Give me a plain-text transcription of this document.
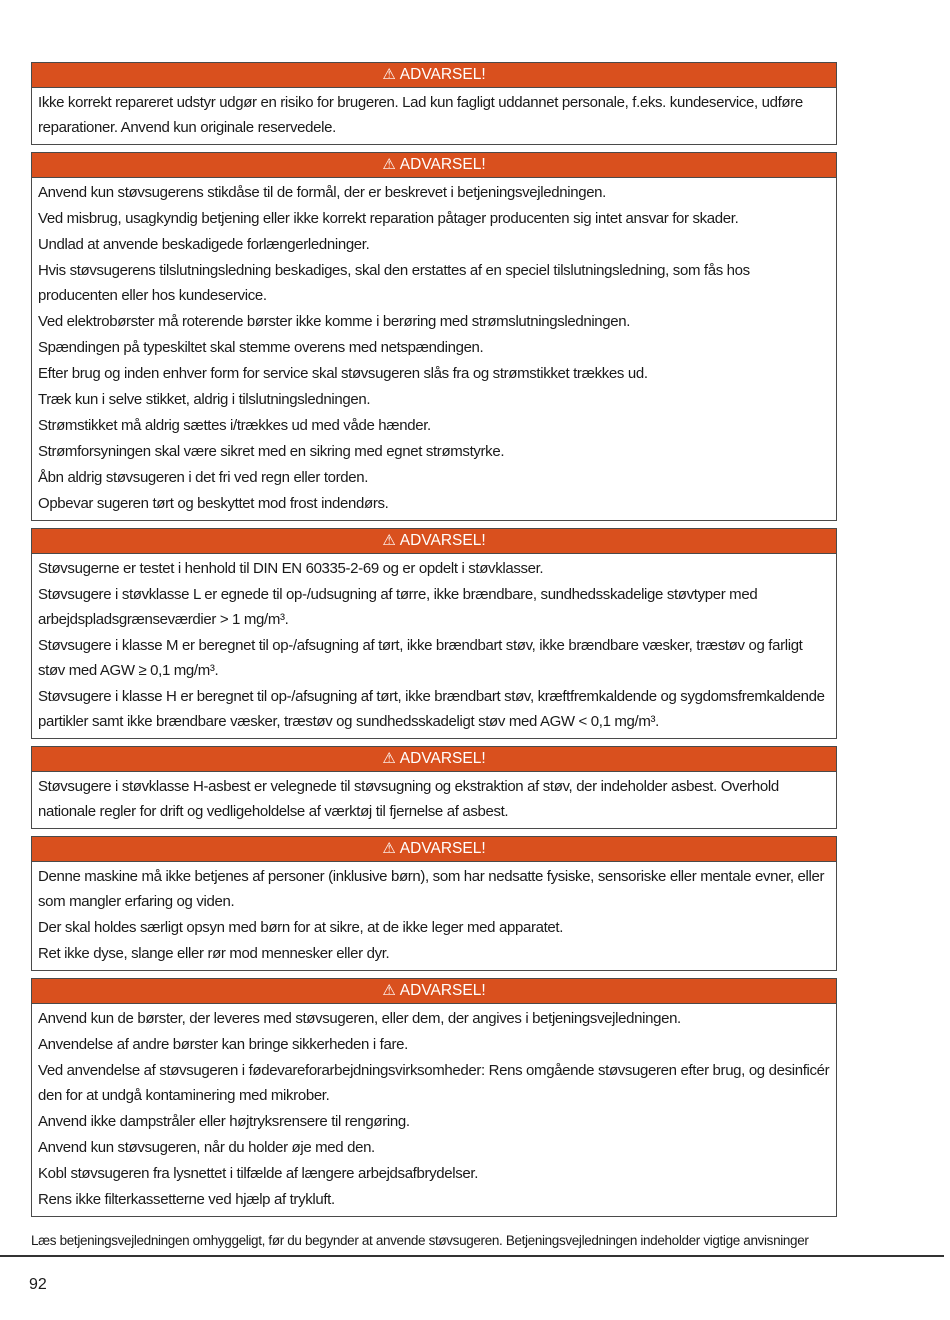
⚠ ADVARSEL!

Ikke korrekt repareret udstyr udgør en risiko for brugeren. Lad kun fagligt uddannet personale, f.eks. kundeservice, udføre reparationer. Anvend kun originale reservedele.

⚠ ADVARSEL!

Anvend kun støvsugerens stikdåse til de formål, der er beskrevet i betjeningsvejledningen.

Ved misbrug, usagkyndig betjening eller ikke korrekt reparation påtager producenten sig intet ansvar for skader.

Undlad at anvende beskadigede forlængerledninger.

Hvis støvsugerens tilslutningsledning beskadiges, skal den erstattes af en speciel tilslutningsledning, som fås hos producenten eller hos kundeservice.

Ved elektrobørster må roterende børster ikke komme i berøring med strømslutningsledningen.

Spændingen på typeskiltet skal stemme overens med netspændingen.

Efter brug og inden enhver form for service skal støvsugeren slås fra og strømstikket trækkes ud.

Træk kun i selve stikket, aldrig i tilslutningsledningen.

Strømstikket må aldrig sættes i/trækkes ud med våde hænder.

Strømforsyningen skal være sikret med en sikring med egnet strømstyrke.

Åbn aldrig støvsugeren i det fri ved regn eller torden.

Opbevar sugeren tørt og beskyttet mod frost indendørs.

⚠ ADVARSEL!

Støvsugerne er testet i henhold til DIN EN 60335-2-69 og er opdelt i støvklasser.

Støvsugere i støvklasse L er egnede til op-/udsugning af tørre, ikke brændbare, sundhedsskadelige støvtyper med arbejdspladsgrænseværdier > 1 mg/m³.

Støvsugere i klasse M er beregnet til op-/afsugning af tørt, ikke brændbart støv, ikke brændbare væsker, træstøv og farligt støv med AGW ≥ 0,1 mg/m³.

Støvsugere i klasse H er beregnet til op-/afsugning af tørt, ikke brændbart støv, kræftfremkaldende og sygdomsfremkaldende partikler samt ikke brændbare væsker, træstøv og sundhedsskadeligt støv med AGW < 0,1 mg/m³.

⚠ ADVARSEL!

Støvsugere i støvklasse H-asbest er velegnede til støvsugning og ekstraktion af støv, der indeholder asbest. Overhold nationale regler for drift og vedligeholdelse af værktøj til fjernelse af asbest.

⚠ ADVARSEL!

Denne maskine må ikke betjenes af personer (inklusive børn), som har nedsatte fysiske, sensoriske eller mentale evner, eller som mangler erfaring og viden.

Der skal holdes særligt opsyn med børn for at sikre, at de ikke leger med apparatet.

Ret ikke dyse, slange eller rør mod mennesker eller dyr.

⚠ ADVARSEL!

Anvend kun de børster, der leveres med støvsugeren, eller dem, der angives i betjeningsvejledningen.

Anvendelse af andre børster kan bringe sikkerheden i fare.

Ved anvendelse af støvsugeren i fødevareforarbejdningsvirksomheder: Rens omgående støvsugeren efter brug, og desinficér den for at undgå kontaminering med mikrober.

Anvend ikke dampstråler eller højtryksrensere til rengøring.

Anvend kun støvsugeren, når du holder øje med den.

Kobl støvsugeren fra lysnettet i tilfælde af længere arbejdsafbrydelser.

Rens ikke filterkassetterne ved hjælp af trykluft.

Læs betjeningsvejledningen omhyggeligt, før du begynder at anvende støvsugeren. Betjeningsvejledningen indeholder vigtige anvisninger
92
